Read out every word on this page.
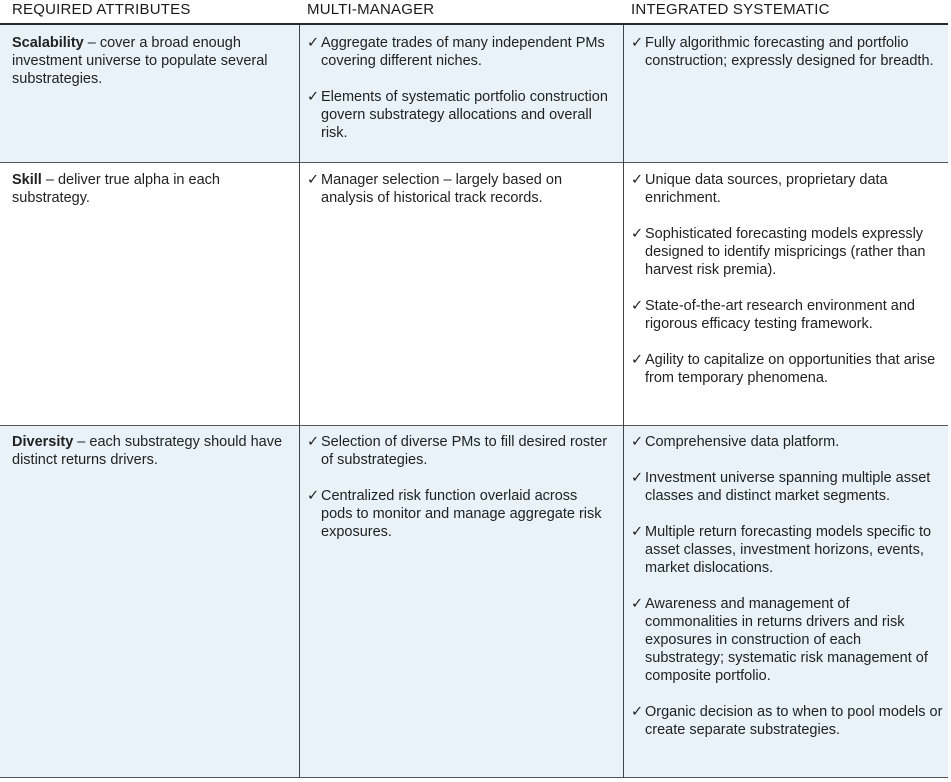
REQUIRED ATTRIBUTES	MULTI-MANAGER	INTEGRATED SYSTEMATIC
Scalability – cover a broad enough investment universe to populate several substrategies.
✓ Aggregate trades of many independent PMs covering different niches.
✓ Elements of systematic portfolio construction govern substrategy allocations and overall risk.
✓ Fully algorithmic forecasting and portfolio construction; expressly designed for breadth.
Skill – deliver true alpha in each substrategy.
✓ Manager selection – largely based on analysis of historical track records.
✓ Unique data sources, proprietary data enrichment.
✓ Sophisticated forecasting models expressly designed to identify mispricings (rather than harvest risk premia).
✓ State-of-the-art research environment and rigorous efficacy testing framework.
✓ Agility to capitalize on opportunities that arise from temporary phenomena.
Diversity – each substrategy should have distinct returns drivers.
✓ Selection of diverse PMs to fill desired roster of substrategies.
✓ Centralized risk function overlaid across pods to monitor and manage aggregate risk exposures.
✓ Comprehensive data platform.
✓ Investment universe spanning multiple asset classes and distinct market segments.
✓ Multiple return forecasting models specific to asset classes, investment horizons, events, market dislocations.
✓ Awareness and management of commonalities in returns drivers and risk exposures in construction of each substrategy; systematic risk management of composite portfolio.
✓ Organic decision as to when to pool models or create separate substrategies.
